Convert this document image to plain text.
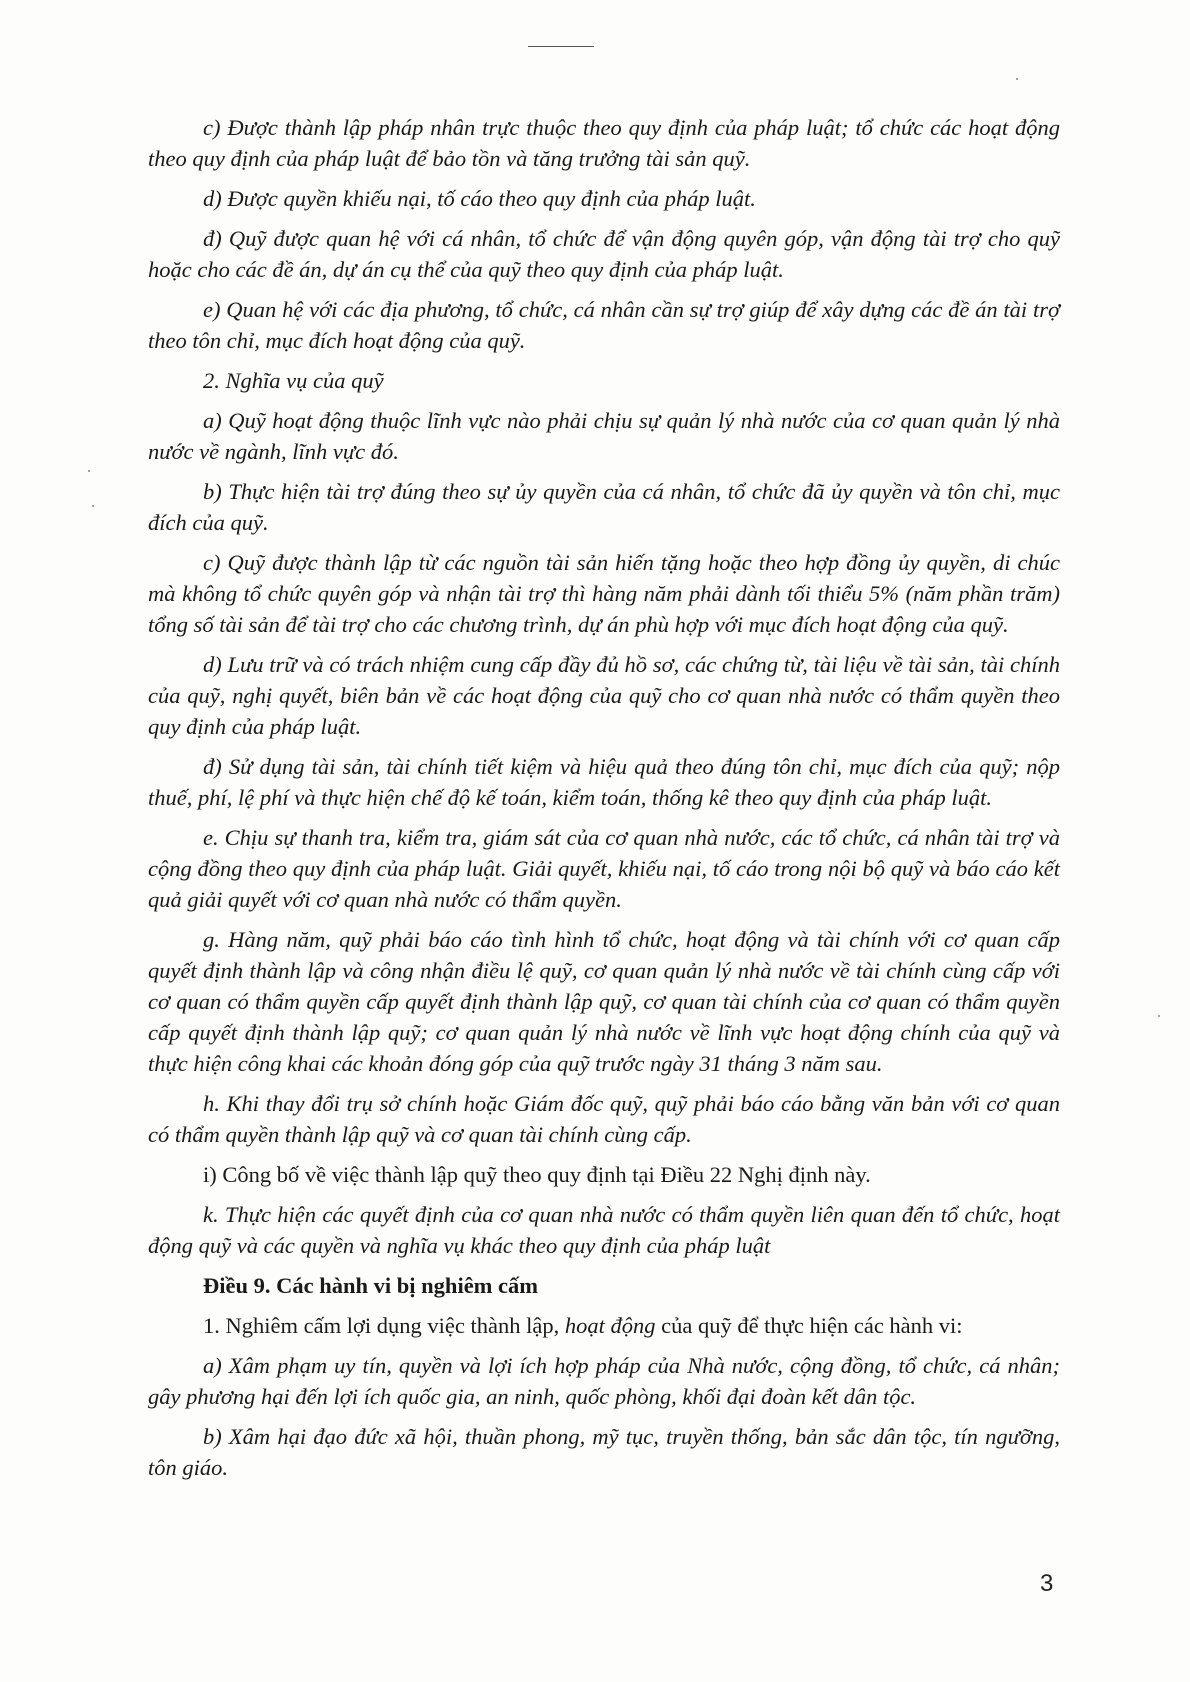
c) Được thành lập pháp nhân trực thuộc theo quy định của pháp luật; tổ chức các hoạt động theo quy định của pháp luật để bảo tồn và tăng trưởng tài sản quỹ.

d) Được quyền khiếu nại, tố cáo theo quy định của pháp luật.

đ) Quỹ được quan hệ với cá nhân, tổ chức để vận động quyên góp, vận động tài trợ cho quỹ hoặc cho các đề án, dự án cụ thể của quỹ theo quy định của pháp luật.

e) Quan hệ với các địa phương, tổ chức, cá nhân cần sự trợ giúp để xây dựng các đề án tài trợ theo tôn chỉ, mục đích hoạt động của quỹ.

2. Nghĩa vụ của quỹ

a) Quỹ hoạt động thuộc lĩnh vực nào phải chịu sự quản lý nhà nước của cơ quan quản lý nhà nước về ngành, lĩnh vực đó.

b) Thực hiện tài trợ đúng theo sự ủy quyền của cá nhân, tổ chức đã ủy quyền và tôn chỉ, mục đích của quỹ.

c) Quỹ được thành lập từ các nguồn tài sản hiến tặng hoặc theo hợp đồng ủy quyền, di chúc mà không tổ chức quyên góp và nhận tài trợ thì hàng năm phải dành tối thiểu 5% (năm phần trăm) tổng số tài sản để tài trợ cho các chương trình, dự án phù hợp với mục đích hoạt động của quỹ.

d) Lưu trữ và có trách nhiệm cung cấp đầy đủ hồ sơ, các chứng từ, tài liệu về tài sản, tài chính của quỹ, nghị quyết, biên bản về các hoạt động của quỹ cho cơ quan nhà nước có thẩm quyền theo quy định của pháp luật.

đ) Sử dụng tài sản, tài chính tiết kiệm và hiệu quả theo đúng tôn chỉ, mục đích của quỹ; nộp thuế, phí, lệ phí và thực hiện chế độ kế toán, kiểm toán, thống kê theo quy định của pháp luật.

e. Chịu sự thanh tra, kiểm tra, giám sát của cơ quan nhà nước, các tổ chức, cá nhân tài trợ và cộng đồng theo quy định của pháp luật. Giải quyết, khiếu nại, tố cáo trong nội bộ quỹ và báo cáo kết quả giải quyết với cơ quan nhà nước có thẩm quyền.

g. Hàng năm, quỹ phải báo cáo tình hình tổ chức, hoạt động và tài chính với cơ quan cấp quyết định thành lập và công nhận điều lệ quỹ, cơ quan quản lý nhà nước về tài chính cùng cấp với cơ quan có thẩm quyền cấp quyết định thành lập quỹ, cơ quan tài chính của cơ quan có thẩm quyền cấp quyết định thành lập quỹ; cơ quan quản lý nhà nước về lĩnh vực hoạt động chính của quỹ và thực hiện công khai các khoản đóng góp của quỹ trước ngày 31 tháng 3 năm sau.

h. Khi thay đổi trụ sở chính hoặc Giám đốc quỹ, quỹ phải báo cáo bằng văn bản với cơ quan có thẩm quyền thành lập quỹ và cơ quan tài chính cùng cấp.

i) Công bố về việc thành lập quỹ theo quy định tại Điều 22 Nghị định này.

k. Thực hiện các quyết định của cơ quan nhà nước có thẩm quyền liên quan đến tổ chức, hoạt động quỹ và các quyền và nghĩa vụ khác theo quy định của pháp luật

Điều 9. Các hành vi bị nghiêm cấm

1. Nghiêm cấm lợi dụng việc thành lập, hoạt động của quỹ để thực hiện các hành vi:

a) Xâm phạm uy tín, quyền và lợi ích hợp pháp của Nhà nước, cộng đồng, tổ chức, cá nhân; gây phương hại đến lợi ích quốc gia, an ninh, quốc phòng, khối đại đoàn kết dân tộc.

b) Xâm hại đạo đức xã hội, thuần phong, mỹ tục, truyền thống, bản sắc dân tộc, tín ngưỡng, tôn giáo.

3
